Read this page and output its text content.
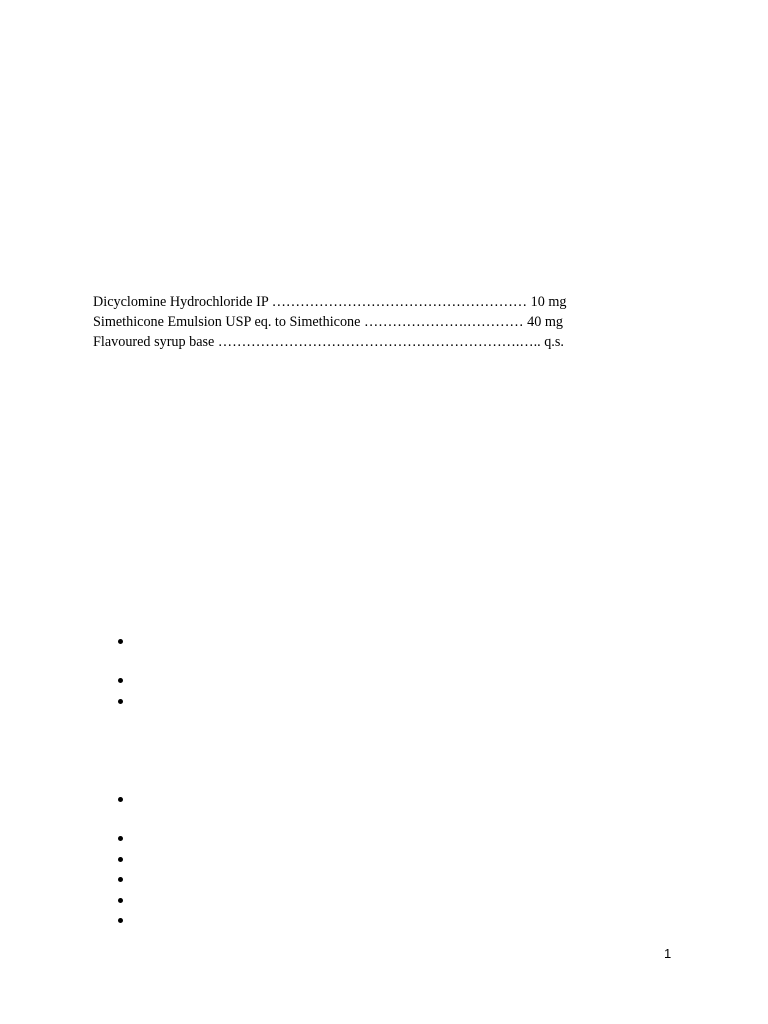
Dicyclomine Hydrochloride IP ……………………………………………… 10 mg
Simethicone Emulsion USP eq. to Simethicone ………………….………… 40 mg
Flavoured syrup base ……………………………………………………….….. q.s.
1
